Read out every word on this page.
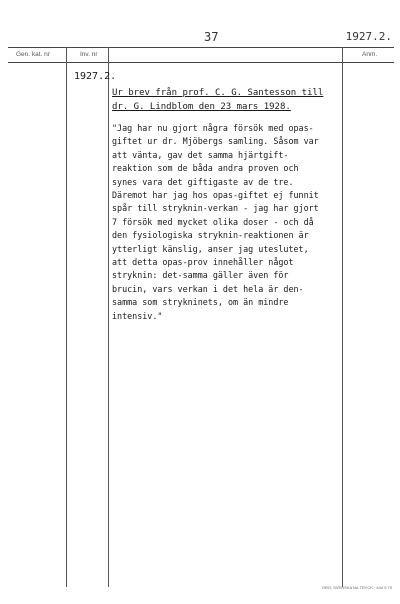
37	1927.2.
Gen. kat. nr	Inv. nr	Anm.
1927.2.
Ur brev från prof. C. G. Santesson till
dr. G. Lindblom den 23 mars 1928.
"Jag har nu gjort några försök med opas-
giftet ur dr. Mjöbergs samling. Såsom var
att vänta, gav det samma hjärtgift-
reaktion som de båda andra proven och
synes vara det giftigaste av de tre.
Däremot har jag hos opas-giftet ej funnit
spår till stryknin-verkan - jag har gjort
7 försök med mycket olika doser - och då
den fysiologiska stryknin-reaktionen är
ytterligt känslig, anser jag uteslutet,
att detta opas-prov innehåller något
stryknin: det-samma gäller även för
brucin, vars verkan i det hela är den-
samma som strykninets, om än mindre
intensiv."
ORG. SVENSKA NA TRYCK · 444 9 79
